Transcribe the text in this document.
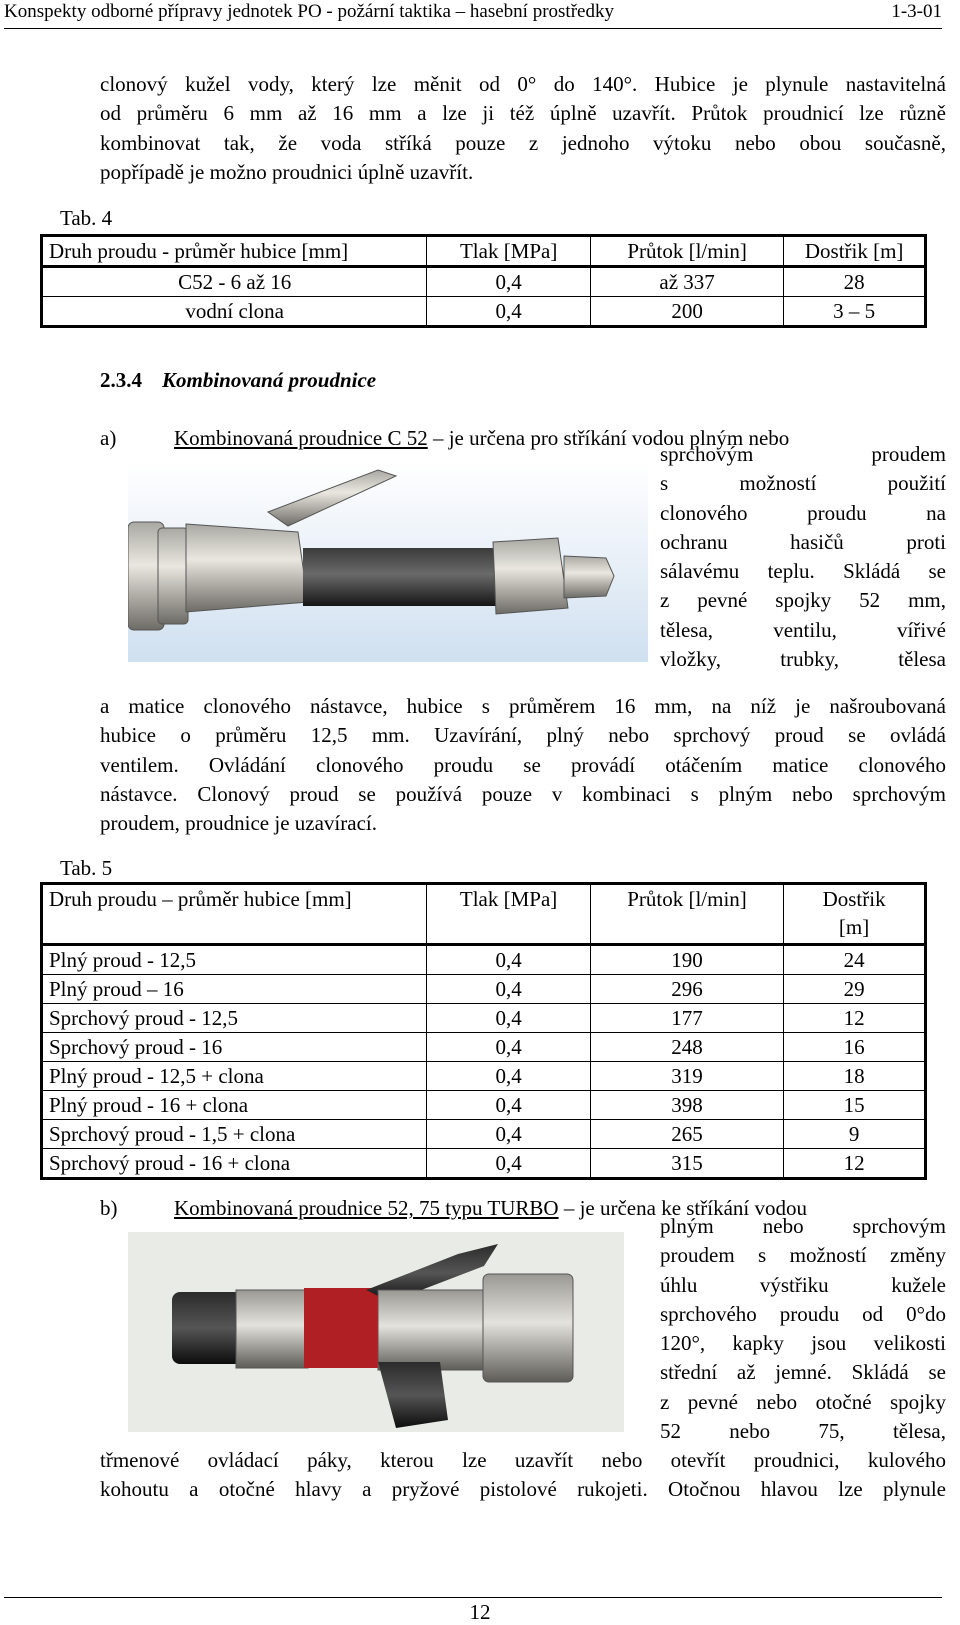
Konspekty odborné přípravy jednotek PO - požární taktika – hasební prostředky	1-3-01
clonový kužel vody, který lze měnit od 0° do 140°. Hubice je plynule nastavitelná
od průměru 6 mm až 16 mm a lze ji též úplně uzavřít. Průtok proudnicí lze různě
kombinovat tak, že voda stříká pouze z jednoho výtoku nebo obou současně,
popřípadě je možno proudnici úplně uzavřít.
Tab. 4
Druh proudu - průměr hubice [mm]	Tlak [MPa]	Průtok [l/min]	Dostřik [m]
C52 - 6 až 16	0,4	až 337	28
vodní clona	0,4	200	3 – 5
2.3.4 Kombinovaná proudnice
a)	Kombinovaná proudnice C 52 – je určena pro stříkání vodou plným nebo
sprchovým proudem
s možností použití
clonového proudu na
ochranu hasičů proti
sálavému teplu. Skládá se
z pevné spojky 52 mm,
tělesa, ventilu, vířivé
vložky, trubky, tělesa
a matice clonového nástavce, hubice s průměrem 16 mm, na níž je našroubovaná
hubice o průměru 12,5 mm. Uzavírání, plný nebo sprchový proud se ovládá
ventilem. Ovládání clonového proudu se provádí otáčením matice clonového
nástavce. Clonový proud se používá pouze v kombinaci s plným nebo sprchovým
proudem, proudnice je uzavírací.
Tab. 5
Druh proudu – průměr hubice [mm]	Tlak [MPa]	Průtok [l/min]	Dostřik [m]
Plný proud - 12,5	0,4	190	24
Plný proud – 16	0,4	296	29
Sprchový proud - 12,5	0,4	177	12
Sprchový proud - 16	0,4	248	16
Plný proud - 12,5 + clona	0,4	319	18
Plný proud - 16 + clona	0,4	398	15
Sprchový proud - 1,5 + clona	0,4	265	9
Sprchový proud - 16 + clona	0,4	315	12
b)	Kombinovaná proudnice 52, 75 typu TURBO – je určena ke stříkání vodou
plným nebo sprchovým
proudem s možností změny
úhlu výstřiku kužele
sprchového proudu od 0°do
120°, kapky jsou velikosti
střední až jemné. Skládá se
z pevné nebo otočné spojky
52 nebo 75, tělesa,
třmenové ovládací páky, kterou lze uzavřít nebo otevřít proudnici, kulového
kohoutu a otočné hlavy a pryžové pistolové rukojeti. Otočnou hlavou lze plynule
12
